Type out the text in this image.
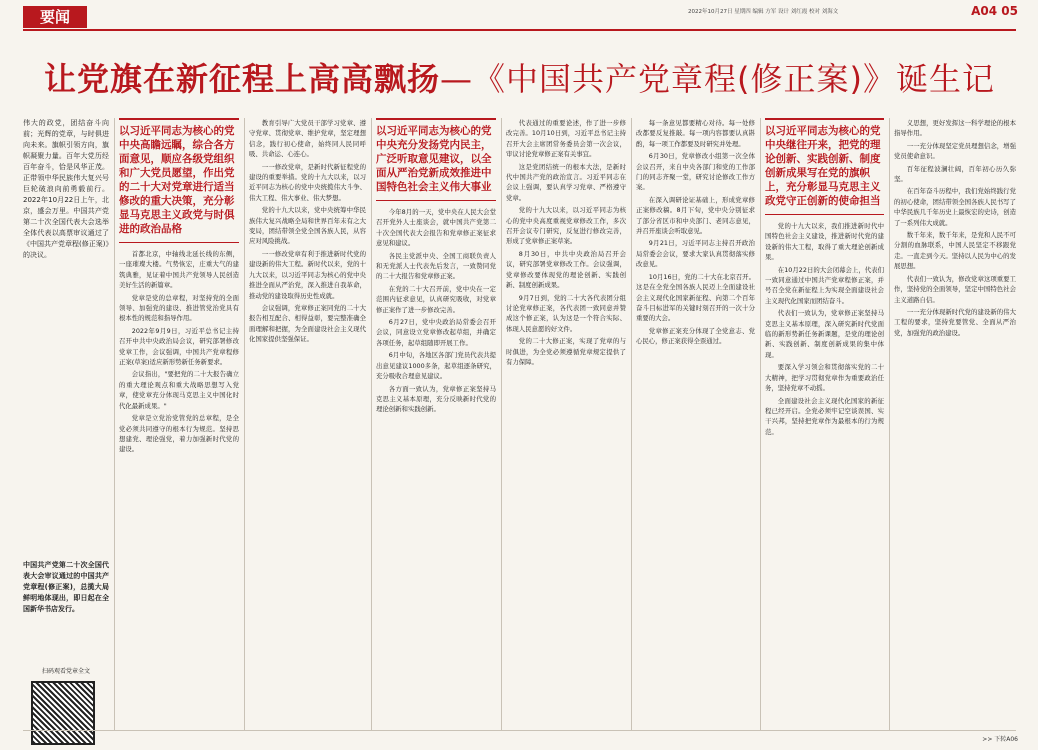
要闻	2022年10月27日 星期四 编辑 方军 设计 刘红霞 校对 刘海文	A04 05
让党旗在新征程上高高飘扬—《中国共产党章程(修正案)》诞生记

伟大的政党，团结奋斗向前；光辉的党章，与时俱进向未来。旗帜引领方向，旗帜凝聚力量。百年大党历经百年奋斗，恰是风华正茂。正带领中华民族伟大复兴号巨轮破浪向前勇毅前行。2022年10月22日上午，北京，盛会万里。中国共产党第二十次全国代表大会选举全体代表以高票审议通过了《中国共产党章程(修正案)》的决议。

中国共产党第二十次全国代表大会审议通过的中国共产党章程(修正案)，总揽大局鲜明地体现出，即日起在全国新华书店发行。

扫码观看党章全文

以习近平同志为核心的党中央高瞻远瞩，综合各方面意见，顺应各级党组织和广大党员愿望，作出党的二十大对党章进行适当修改的重大决策，充分彰显马克思主义政党与时俱进的政治品格

首都北京，中轴线北延长线的东侧，一座璀璨大楼。气势恢宏，庄重大气的建筑典雅，见证着中国共产党领导人民创造美好生活的新篇章。

党章是党的总章程，对坚持党的全面领导、加强党的建设、推进管党治党具有根本性的规范和指导作用。

2022年9月9日，习近平总书记主持召开中共中央政治局会议，研究部署修改党章工作，会议强调，中国共产党章程修正案(草案)适应新形势新任务新要求。

会议指出，"要把党的二十大报告确立的重大理论观点和重大战略思想写入党章，使党章充分体现马克思主义中国化时代化最新成果。"

党章是立党治党管党的总章程，是全党必须共同遵守的根本行为规范。坚持思想建党、理论强党，着力加强新时代党的建设。

教育引导广大党员干部学习党章、遵守党章、贯彻党章、维护党章，坚定理想信念，践行初心使命，始终同人民同呼吸、共命运、心连心。

一一修改党章，是新时代新征程党的建设的重要举措。党的十九大以来，以习近平同志为核心的党中央统揽伟大斗争、伟大工程、伟大事业、伟大梦想。

党的十九大以来，党中央统筹中华民族伟大复兴战略全局和世界百年未有之大变局，团结带领全党全国各族人民，从容应对风险挑战。

一一修改党章有利于推进新时代党的建设新的伟大工程。新时代以来，党的十九大以来，以习近平同志为核心的党中央推进全面从严治党，深入推进自我革命，推动党的建设取得历史性成就。

会议强调，党章修正案同党的二十大报告相互配合、相得益彰，要完整准确全面理解和把握，为全面建设社会主义现代化国家提供坚强保证。

以习近平同志为核心的党中央充分发扬党内民主，广泛听取意见建议，以全面从严治党新成效推进中国特色社会主义伟大事业

今年8月的一天，党中央在人民大会堂召开党外人士座谈会，就中国共产党第二十次全国代表大会报告和党章修正案征求意见和建议。

各民主党派中央、全国工商联负责人和无党派人士代表先后发言，一致赞同党的二十大报告和党章修正案。

在党的二十大召开前，党中央在一定范围内征求意见，认真研究吸收，对党章修正案作了进一步修改完善。

6月27日，党中央政治局常委会召开会议，同意设立党章修改起草组，并确定各项任务，起草组随即开展工作。

6月中旬，各地区各部门党员代表共提出意见建议1000多条，起草组逐条研究，充分吸收合理意见建议。

各方面一致认为，党章修正案坚持马克思主义基本原理，充分反映新时代党的理论创新和实践创新。

代表通过的重要论述，作了进一步修改完善。10月10日到，习近平总书记主持召开大会主席团常务委员会第一次会议，审议讨论党章修正案有关事宜。

这是党团结统一的根本大法，是新时代中国共产党的政治宣言。习近平同志在会议上强调，要认真学习党章、严格遵守党章。

党的十九大以来，以习近平同志为核心的党中央高度重视党章修改工作，多次召开会议专门研究，反复进行修改完善，形成了党章修正案草案。

8月30日，中共中央政治局召开会议，研究部署党章修改工作。会议强调，党章修改要体现党的理论创新、实践创新、制度创新成果。

9月7日到，党的二十大各代表团分组讨论党章修正案，各代表团一致同意并赞成这个修正案，认为这是一个符合实际、体现人民意愿的好文件。

党的二十大修正案，实现了党章的与时俱进，为全党必须遵循党章规定提供了有力保障。

每一条意见都要精心对待。每一处修改都要反复推敲。每一项内容都要认真斟酌，每一项工作都要及时研究并处理。

6月30日，党章修改小组第一次全体会议召开，来自中央各部门和党的工作部门的同志齐聚一堂，研究讨论修改工作方案。

在深入调研论证基础上，形成党章修正案修改稿。8月下旬，党中央分别征求了部分省区市和中央部门、老同志意见，并召开座谈会听取意见。

9月21日，习近平同志主持召开政治局常委会会议，要求大家认真贯彻落实修改意见。

10月16日，党的二十大在北京召开。这是在全党全国各族人民迈上全面建设社会主义现代化国家新征程、向第二个百年奋斗目标进军的关键时刻召开的一次十分重要的大会。

党章修正案充分体现了全党意志、党心民心，修正案获得全票通过。

以习近平同志为核心的党中央继往开来，把党的理论创新、实践创新、制度创新成果写在党的旗帜上，充分彰显马克思主义政党守正创新的使命担当

党的十九大以来，我们推进新时代中国特色社会主义建设，推进新时代党的建设新的伟大工程，取得了重大理论创新成果。

在10月22日的大会闭幕会上，代表们一致同意通过中国共产党章程修正案，并号召全党在新征程上为实现全面建设社会主义现代化国家而团结奋斗。

代表们一致认为，党章修正案坚持马克思主义基本原理，深入研究新时代党面临的新形势新任务新课题，是党的理论创新、实践创新、制度创新成果的集中体现。

要深入学习领会和贯彻落实党的二十大精神，把学习贯彻党章作为重要政治任务，坚持党章不动摇。

全面建设社会主义现代化国家的新征程已经开启。全党必须牢记空谈误国、实干兴邦，坚持把党章作为最根本的行为规范。

义思想，更好发挥这一科学理论的根本指导作用。

一一充分体现坚定党员理想信念，增强党员使命意识。

百年征程波澜壮阔，百年初心历久弥坚。

在百年奋斗历程中，我们党始终践行党的初心使命，团结带领全国各族人民书写了中华民族几千年历史上最恢宏的史诗，创造了一系列伟大成就。

数千年来，数千年来，是党和人民不可分割的血脉联系，中国人民坚定不移跟党走。一直走到今天。坚持以人民为中心的发展思想。

代表们一致认为，修改党章这项重要工作，坚持党的全面领导，坚定中国特色社会主义道路自信。

一一充分体现新时代党的建设新的伟大工程的要求，坚持党要管党、全面从严治党，加强党的政治建设。

>> 下转A06
